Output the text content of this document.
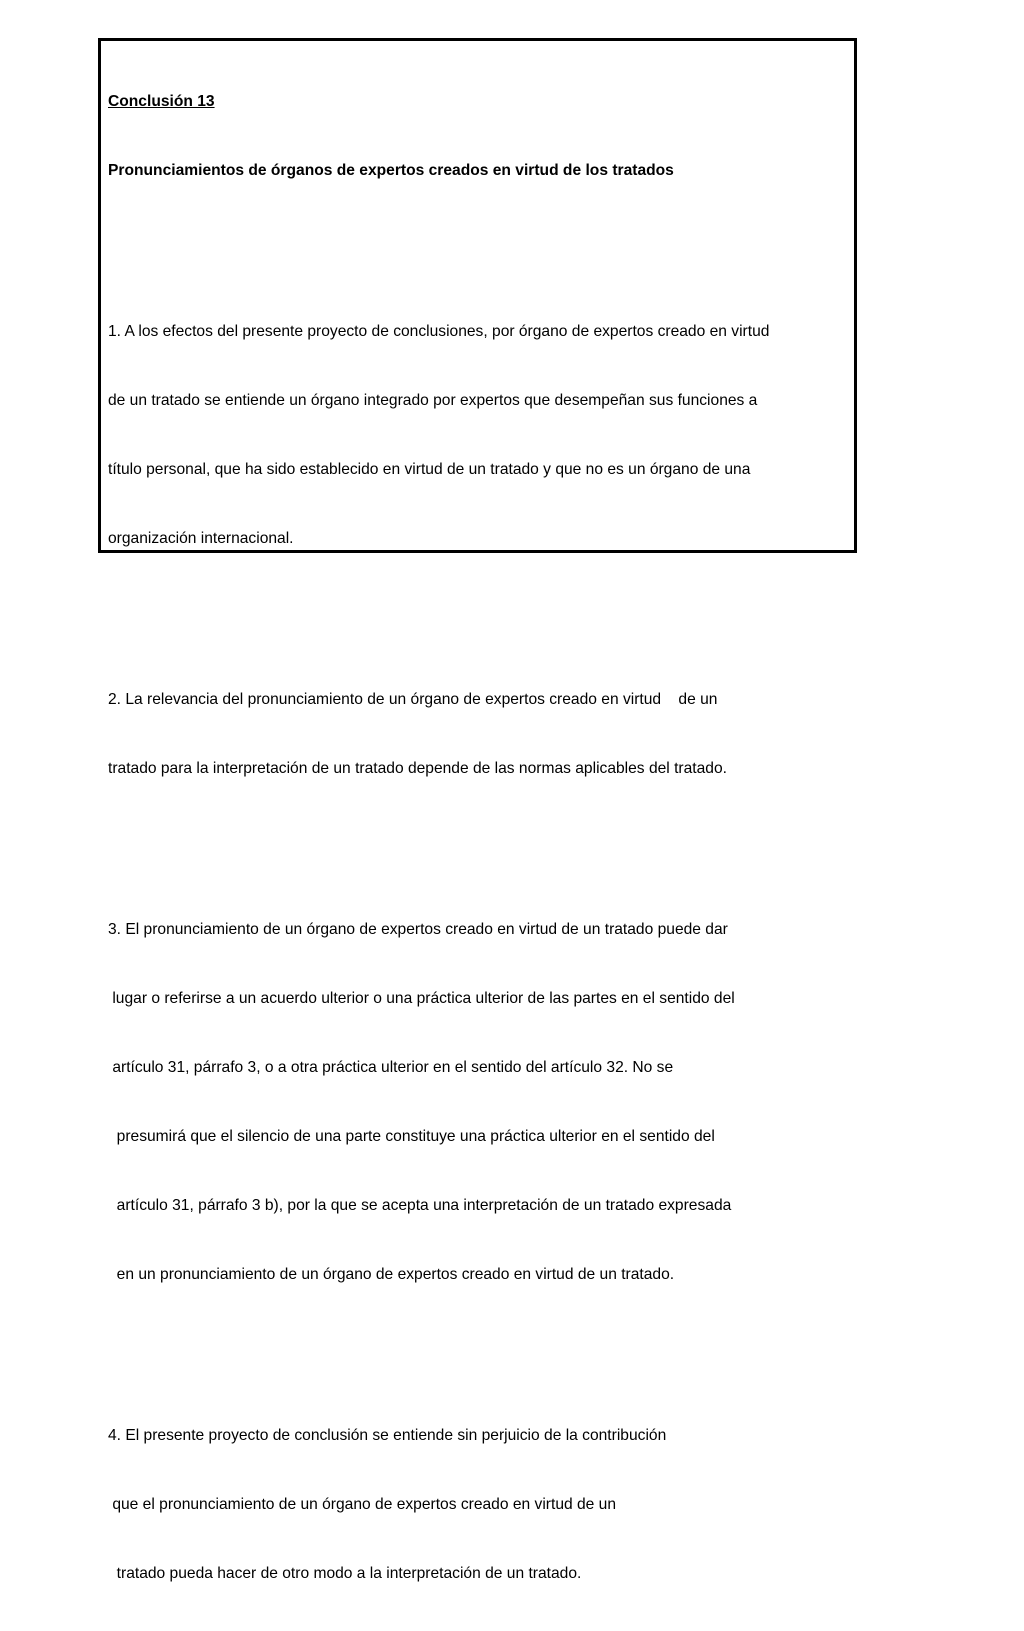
Conclusión 13

Pronunciamientos de órganos de expertos creados en virtud de los tratados

1. A los efectos del presente proyecto de conclusiones, por órgano de expertos creado en virtud

de un tratado se entiende un órgano integrado por expertos que desempeñan sus funciones a

título personal, que ha sido establecido en virtud de un tratado y que no es un órgano de una

organización internacional.

2. La relevancia del pronunciamiento de un órgano de expertos creado en virtud    de un

tratado para la interpretación de un tratado depende de las normas aplicables del tratado.

3. El pronunciamiento de un órgano de expertos creado en virtud de un tratado puede dar

lugar o referirse a un acuerdo ulterior o una práctica ulterior de las partes en el sentido del

artículo 31, párrafo 3, o a otra práctica ulterior en el sentido del artículo 32. No se

presumirá que el silencio de una parte constituye una práctica ulterior en el sentido del

artículo 31, párrafo 3 b), por la que se acepta una interpretación de un tratado expresada

en un pronunciamiento de un órgano de expertos creado en virtud de un tratado.

4. El presente proyecto de conclusión se entiende sin perjuicio de la contribución

que el pronunciamiento de un órgano de expertos creado en virtud de un

tratado pueda hacer de otro modo a la interpretación de un tratado.
